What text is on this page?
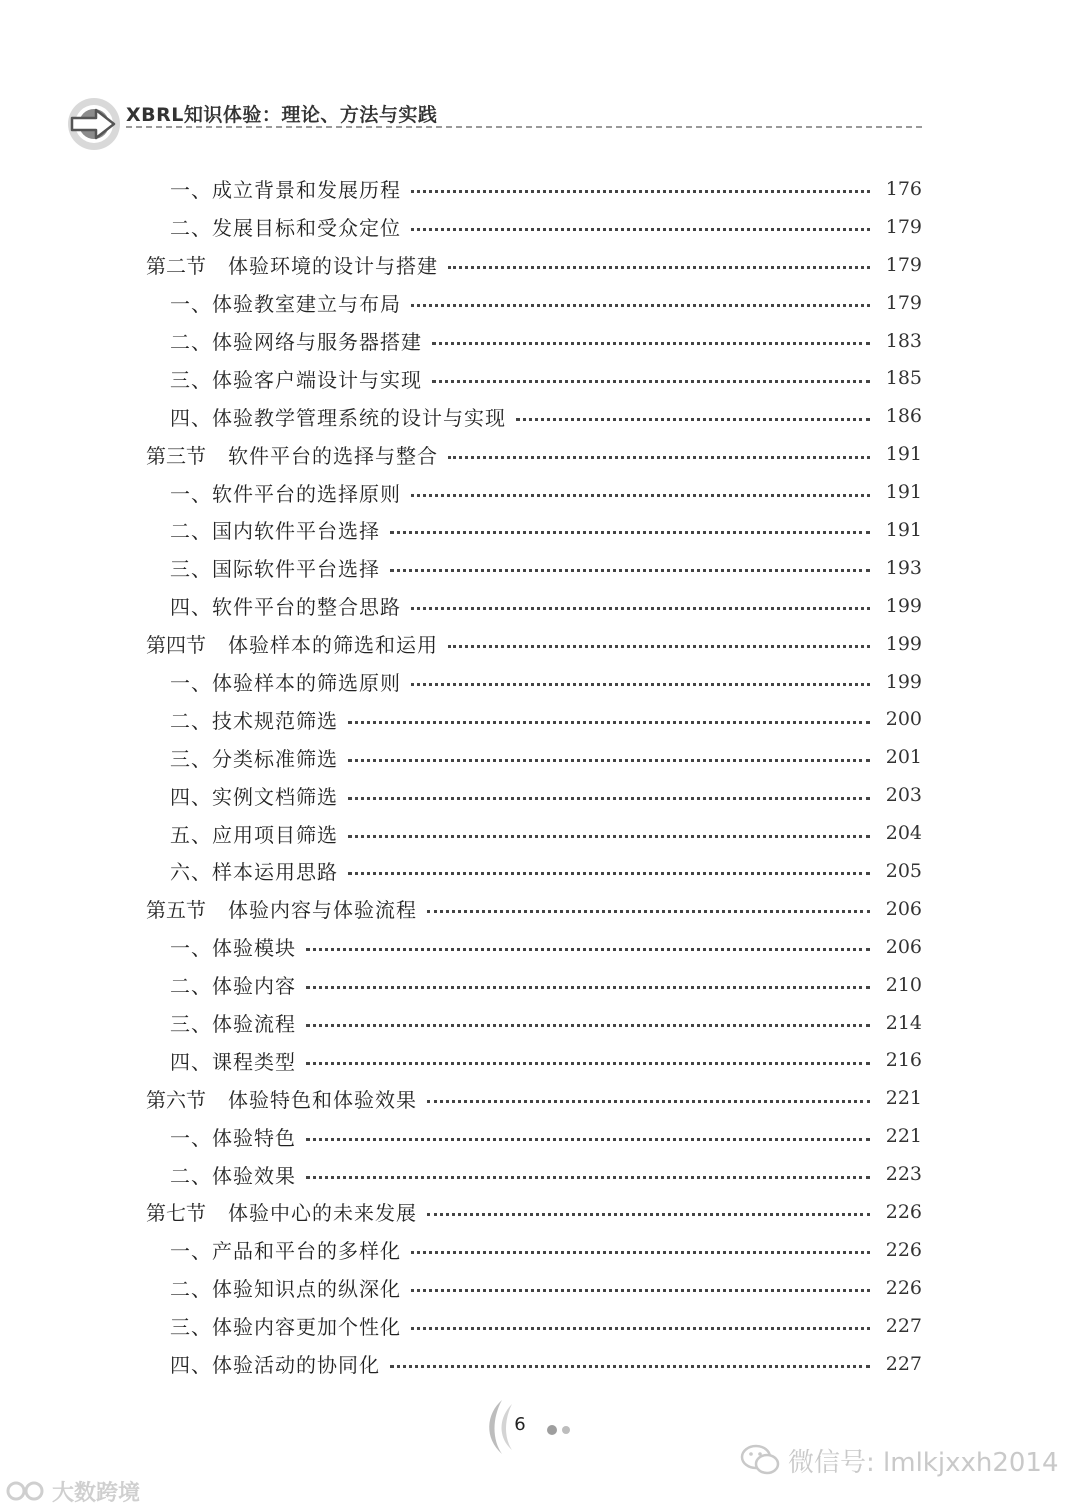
XBRL知识体验：理论、方法与实践
一、成立背景和发展历程	176
二、发展目标和受众定位	179
第二节 体验环境的设计与搭建	179
一、体验教室建立与布局	179
二、体验网络与服务器搭建	183
三、体验客户端设计与实现	185
四、体验教学管理系统的设计与实现	186
第三节 软件平台的选择与整合	191
一、软件平台的选择原则	191
二、国内软件平台选择	191
三、国际软件平台选择	193
四、软件平台的整合思路	199
第四节 体验样本的筛选和运用	199
一、体验样本的筛选原则	199
二、技术规范筛选	200
三、分类标准筛选	201
四、实例文档筛选	203
五、应用项目筛选	204
六、样本运用思路	205
第五节 体验内容与体验流程	206
一、体验模块	206
二、体验内容	210
三、体验流程	214
四、课程类型	216
第六节 体验特色和体验效果	221
一、体验特色	221
二、体验效果	223
第七节 体验中心的未来发展	226
一、产品和平台的多样化	226
二、体验知识点的纵深化	226
三、体验内容更加个性化	227
四、体验活动的协同化	227
6
微信号: lmlkjxxh2014
大数跨境
